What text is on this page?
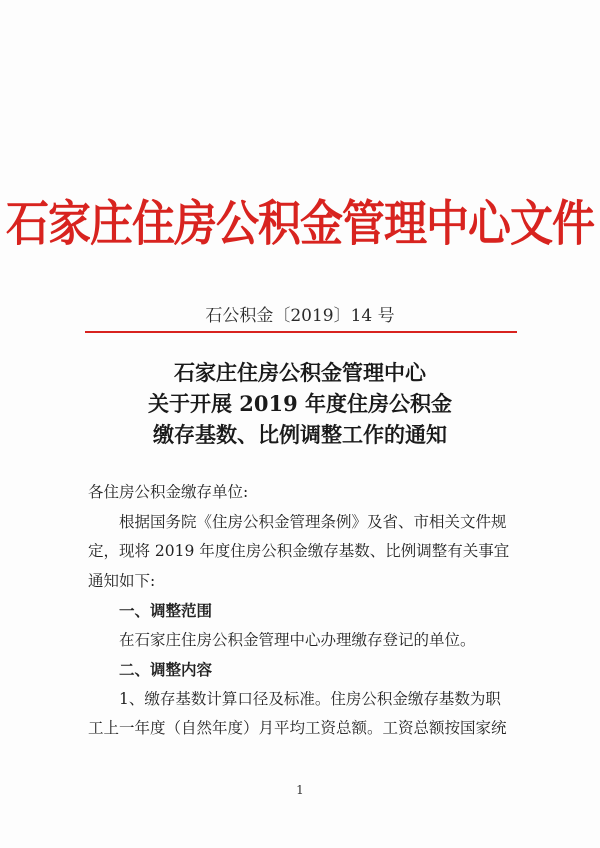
石家庄住房公积金管理中心文件
石公积金〔2019〕14 号
石家庄住房公积金管理中心
关于开展 2019 年度住房公积金
缴存基数、比例调整工作的通知

各住房公积金缴存单位:

根据国务院《住房公积金管理条例》及省、市相关文件规

定，现将 2019 年度住房公积金缴存基数、比例调整有关事宜

通知如下:

一、调整范围

在石家庄住房公积金管理中心办理缴存登记的单位。

二、调整内容

1、缴存基数计算口径及标准。住房公积金缴存基数为职

工上一年度（自然年度）月平均工资总额。工资总额按国家统

1
